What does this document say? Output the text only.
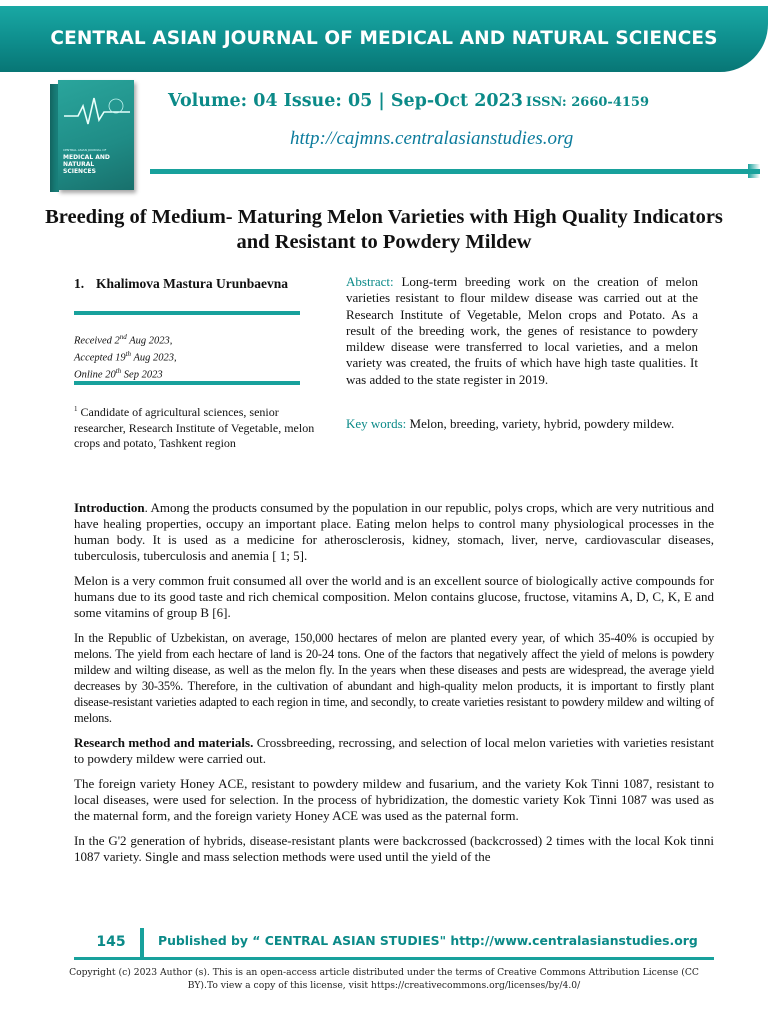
CENTRAL ASIAN JOURNAL OF MEDICAL AND NATURAL SCIENCES
CENTRAL ASIAN JOURNAL OF
MEDICAL AND NATURAL SCIENCES
Volume: 04 Issue: 05 | Sep-Oct 2023 ISSN: 2660-4159
http://cajmns.centralasianstudies.org
Breeding of Medium- Maturing Melon Varieties with High Quality Indicators and Resistant to Powdery Mildew
1. Khalimova Mastura Urunbaevna
Received 2nd Aug 2023,
Accepted 19th Aug 2023,
Online 20th Sep 2023
$^1$ Candidate of agricultural sciences, senior researcher, Research Institute of Vegetable, melon crops and potato, Tashkent region
Abstract: Long-term breeding work on the creation of melon varieties resistant to flour mildew disease was carried out at the Research Institute of Vegetable, Melon crops and Potato. As a result of the breeding work, the genes of resistance to powdery mildew disease were transferred to local varieties, and a melon variety was created, the fruits of which have high taste qualities. It was added to the state register in 2019.
Key words: Melon, breeding, variety, hybrid, powdery mildew.

Introduction. Among the products consumed by the population in our republic, polys crops, which are very nutritious and have healing properties, occupy an important place. Eating melon helps to control many physiological processes in the human body. It is used as a medicine for atherosclerosis, kidney, stomach, liver, nerve, cardiovascular diseases, tuberculosis, tuberculosis and anemia [ 1; 5].

Melon is a very common fruit consumed all over the world and is an excellent source of biologically active compounds for humans due to its good taste and rich chemical composition. Melon contains glucose, fructose, vitamins A, D, C, K, E and some vitamins of group B [6].

In the Republic of Uzbekistan, on average, 150,000 hectares of melon are planted every year, of which 35-40% is occupied by melons. The yield from each hectare of land is 20-24 tons. One of the factors that negatively affect the yield of melons is powdery mildew and wilting disease, as well as the melon fly. In the years when these diseases and pests are widespread, the average yield decreases by 30-35%. Therefore, in the cultivation of abundant and high-quality melon products, it is important to firstly plant disease-resistant varieties adapted to each region in time, and secondly, to create varieties resistant to powdery mildew and wilting of melons.

Research method and materials. Crossbreeding, recrossing, and selection of local melon varieties with varieties resistant to powdery mildew were carried out.

The foreign variety Honey ACE, resistant to powdery mildew and fusarium, and the variety Kok Tinni 1087, resistant to local diseases, were used for selection. In the process of hybridization, the domestic variety Kok Tinni 1087 was used as the maternal form, and the foreign variety Honey ACE was used as the paternal form.

In the G'2 generation of hybrids, disease-resistant plants were backcrossed (backcrossed) 2 times with the local Kok tinni 1087 variety. Single and mass selection methods were used until the yield of the

145	Published by “ CENTRAL ASIAN STUDIES" http://www.centralasianstudies.org
Copyright (c) 2023 Author (s). This is an open-access article distributed under the terms of Creative Commons Attribution License (CC BY).To view a copy of this license, visit https://creativecommons.org/licenses/by/4.0/
